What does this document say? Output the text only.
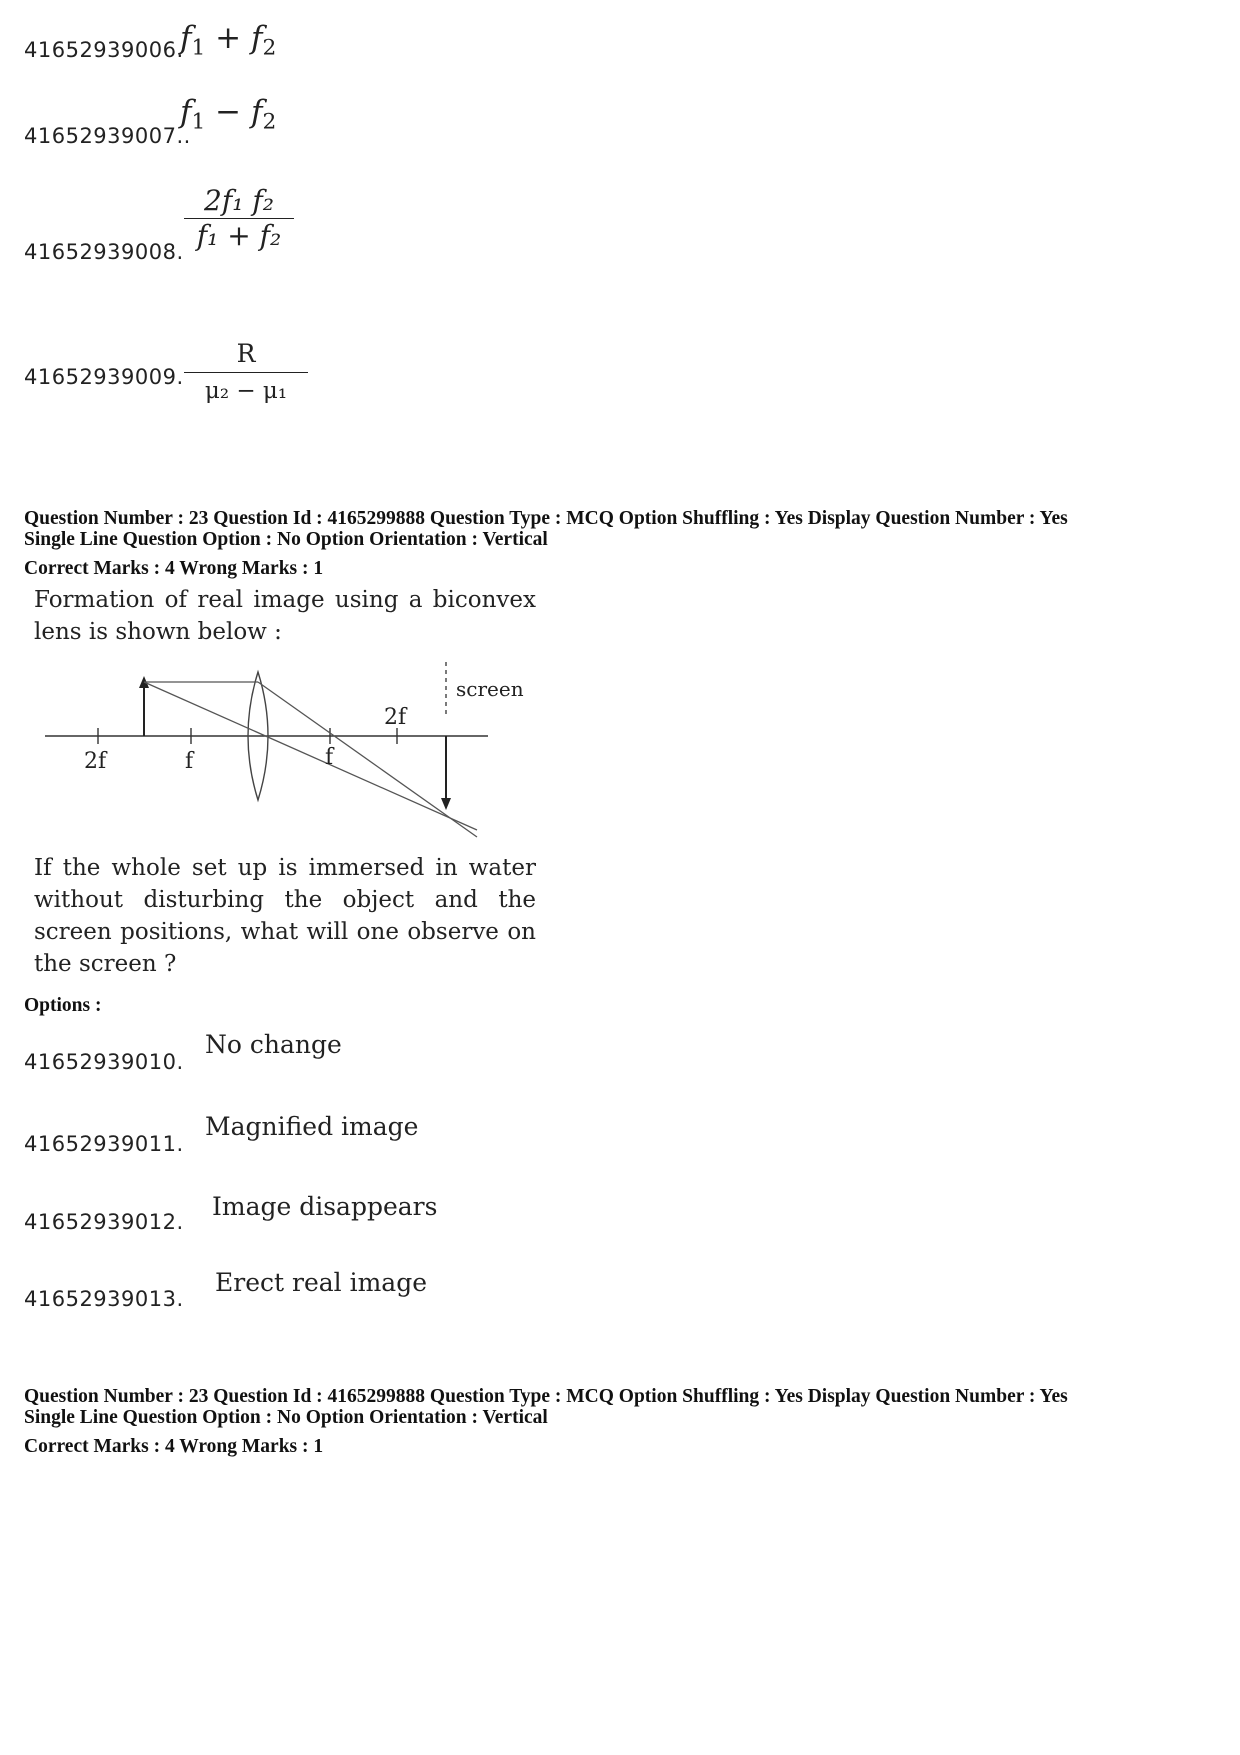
41652939006.
$f_1 + f_2$
41652939007..
$f_1 - f_2$
41652939008.
2f₁ f₂
f₁ + f₂
41652939009.
R
μ₂ − μ₁
Question Number : 23 Question Id : 4165299888 Question Type : MCQ Option Shuffling : Yes Display Question Number : Yes
Single Line Question Option : No Option Orientation : Vertical
Correct Marks : 4 Wrong Marks : 1
Formation of real image using a biconvex lens is shown below :
2f	f	f
2f
screen
If the whole set up is immersed in water without disturbing the object and the screen positions, what will one observe on the screen ?
Options :
41652939010.
No change
41652939011.
Magnified image
41652939012.
Image disappears
41652939013.
Erect real image
Question Number : 23 Question Id : 4165299888 Question Type : MCQ Option Shuffling : Yes Display Question Number : Yes
Single Line Question Option : No Option Orientation : Vertical
Correct Marks : 4 Wrong Marks : 1
